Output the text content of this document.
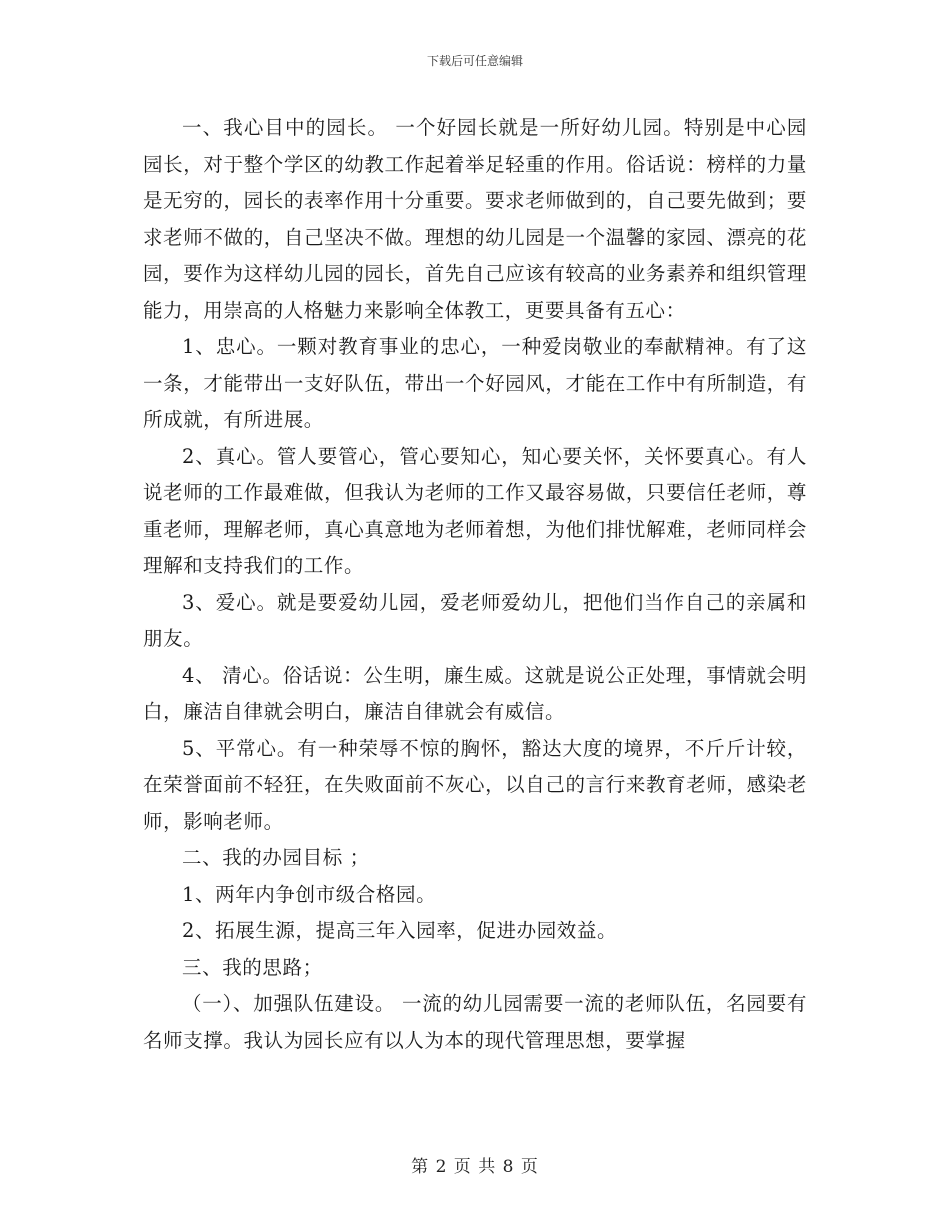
下载后可任意编辑

一、我心目中的园长。 一个好园长就是一所好幼儿园。特别是中心园园长，对于整个学区的幼教工作起着举足轻重的作用。俗话说：榜样的力量是无穷的，园长的表率作用十分重要。要求老师做到的，自己要先做到；要求老师不做的，自己坚决不做。理想的幼儿园是一个温馨的家园、漂亮的花园，要作为这样幼儿园的园长，首先自己应该有较高的业务素养和组织管理能力，用崇高的人格魅力来影响全体教工，更要具备有五心：

1、忠心。一颗对教育事业的忠心，一种爱岗敬业的奉献精神。有了这一条，才能带出一支好队伍，带出一个好园风，才能在工作中有所制造，有所成就，有所进展。

2、真心。管人要管心，管心要知心，知心要关怀，关怀要真心。有人说老师的工作最难做，但我认为老师的工作又最容易做，只要信任老师，尊重老师，理解老师，真心真意地为老师着想，为他们排忧解难，老师同样会理解和支持我们的工作。

3、爱心。就是要爱幼儿园，爱老师爱幼儿，把他们当作自己的亲属和朋友。

4、 清心。俗话说：公生明，廉生威。这就是说公正处理，事情就会明白，廉洁自律就会明白，廉洁自律就会有威信。

5、平常心。有一种荣辱不惊的胸怀，豁达大度的境界，不斤斤计较，在荣誉面前不轻狂，在失败面前不灰心，以自己的言行来教育老师，感染老师，影响老师。

二、我的办园目标 ；

1、两年内争创市级合格园。

2、拓展生源，提高三年入园率，促进办园效益。

三、我的思路；

（一）、加强队伍建设。 一流的幼儿园需要一流的老师队伍，名园要有名师支撑。我认为园长应有以人为本的现代管理思想，要掌握

第 2 页 共 8 页
